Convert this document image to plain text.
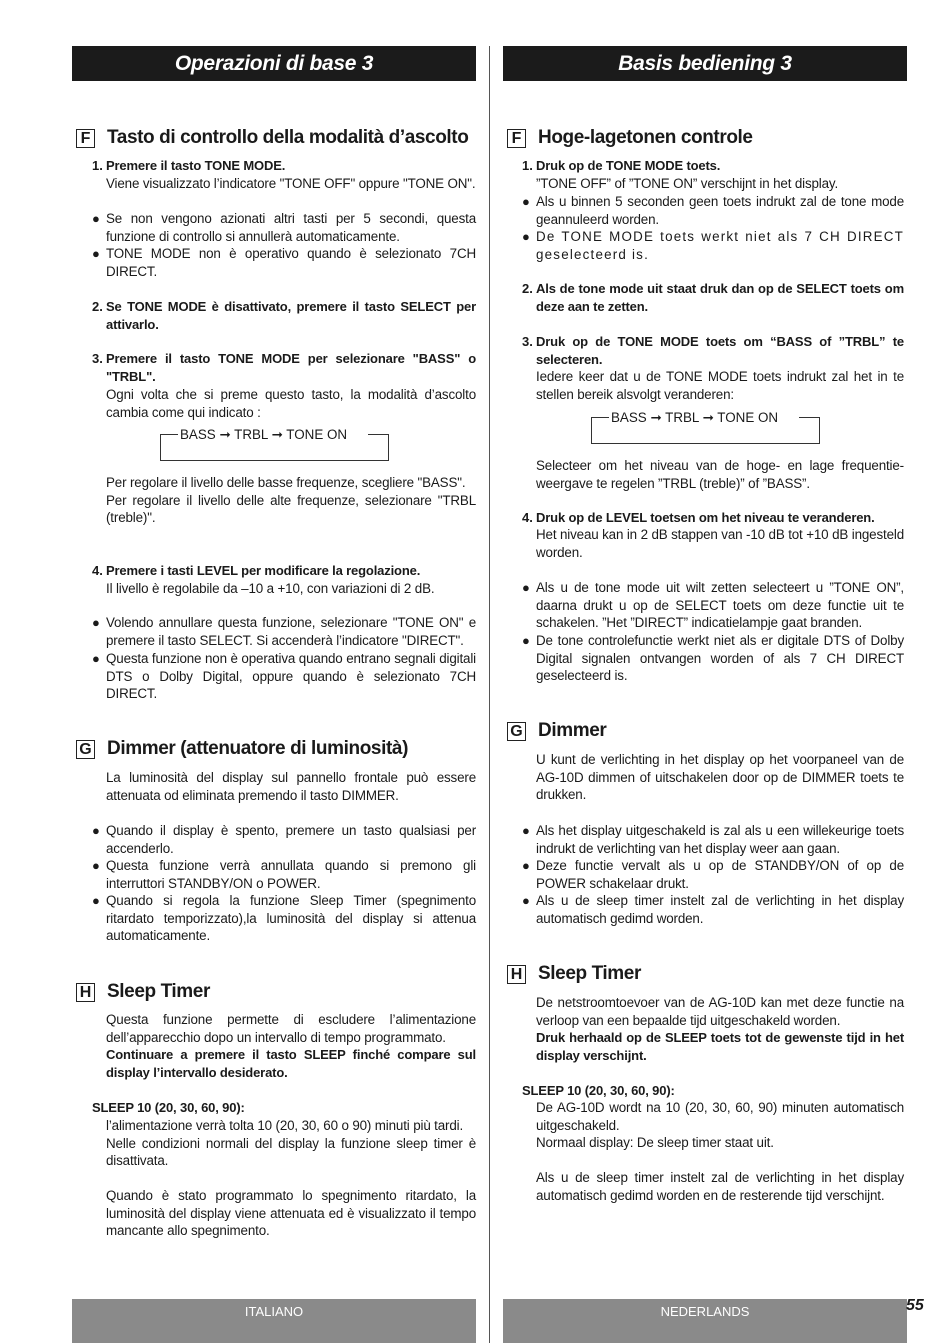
Operazioni di base 3
F Tasto di controllo della modalità d’ascolto
1. Premere il tasto TONE MODE.
Viene visualizzato l’indicatore "TONE OFF" oppure "TONE ON".
● Se non vengono azionati altri tasti per 5 secondi, questa funzione di controllo si annullerà automaticamente.
● TONE MODE non è operativo quando è selezionato 7CH DIRECT.
2. Se TONE MODE è disattivato, premere il tasto SELECT per attivarlo.
3. Premere il tasto TONE MODE per selezionare "BASS" o "TRBL".
Ogni volta che si preme questo tasto, la modalità d’ascolto cambia come qui indicato :
BASS ➞ TRBL ➞ TONE ON
Per regolare il livello delle basse frequenze, scegliere "BASS".
Per regolare il livello delle alte frequenze, selezionare "TRBL (treble)".
4. Premere i tasti LEVEL per modificare la regolazione.
Il livello è regolabile da –10 a +10, con variazioni di 2 dB.
● Volendo annullare questa funzione, selezionare "TONE ON" e premere il tasto SELECT. Si accenderà l’indicatore "DIRECT".
● Questa funzione non è operativa quando entrano segnali digitali DTS o Dolby Digital, oppure quando è selezionato 7CH DIRECT.
G Dimmer (attenuatore di luminosità)
La luminosità del display sul pannello frontale può essere attenuata od eliminata premendo il tasto DIMMER.
● Quando il display è spento, premere un tasto qualsiasi per accenderlo.
● Questa funzione verrà annullata quando si premono gli interruttori STANDBY/ON o POWER.
● Quando si regola la funzione Sleep Timer (spegnimento ritardato temporizzato),la luminosità del display si attenua automaticamente.
H Sleep Timer
Questa funzione permette di escludere l’alimentazione dell’apparecchio dopo un intervallo di tempo programmato.
Continuare a premere il tasto SLEEP finché compare sul display l’intervallo desiderato.
SLEEP 10 (20, 30, 60, 90):
l’alimentazione verrà tolta 10 (20, 30, 60 o 90) minuti più tardi.
Nelle condizioni normali del display la funzione sleep timer è disattivata.
Quando è stato programmato lo spegnimento ritardato, la luminosità del display viene attenuata ed è visualizzato il tempo mancante allo spegnimento.
ITALIANO
Basis bediening 3
F Hoge-lagetonen controle
1. Druk op de TONE MODE toets.
”TONE OFF” of ”TONE ON” verschijnt in het display.
● Als u binnen 5 seconden geen toets indrukt zal de tone mode geannuleerd worden.
● De TONE MODE toets werkt niet als 7 CH DIRECT geselecteerd is.
2. Als de tone mode uit staat druk dan op de SELECT toets om deze aan te zetten.
3. Druk op de TONE MODE toets om “BASS of ”TRBL” te selecteren.
Iedere keer dat u de TONE MODE toets indrukt zal het in te stellen bereik alsvolgt veranderen:
BASS ➞ TRBL ➞ TONE ON
Selecteer om het niveau van de hoge- en lage frequentie-weergave te regelen ”TRBL (treble)” of ”BASS”.
4. Druk op de LEVEL toetsen om het niveau te veranderen.
Het niveau kan in 2 dB stappen van -10 dB tot +10 dB ingesteld worden.
● Als u de tone mode uit wilt zetten selecteert u ”TONE ON”, daarna drukt u op de SELECT toets om deze functie uit te schakelen. ”Het ”DIRECT” indicatielampje gaat branden.
● De tone controlefunctie werkt niet als er digitale DTS of Dolby Digital signalen ontvangen worden of als 7 CH DIRECT geselecteerd is.
G Dimmer
U kunt de verlichting in het display op het voorpaneel van de AG-10D dimmen of uitschakelen door op de DIMMER toets te drukken.
● Als het display uitgeschakeld is zal als u een willekeurige toets indrukt de verlichting van het display weer aan gaan.
● Deze functie vervalt als u op de STANDBY/ON of op de POWER schakelaar drukt.
● Als u de sleep timer instelt zal de verlichting in het display automatisch gedimd worden.
H Sleep Timer
De netstroomtoevoer van de AG-10D kan met deze functie na verloop van een bepaalde tijd uitgeschakeld worden.
Druk herhaald op de SLEEP toets tot de gewenste tijd in het display verschijnt.
SLEEP 10 (20, 30, 60, 90):
De AG-10D wordt na 10 (20, 30, 60, 90) minuten automatisch uitgeschakeld.
Normaal display: De sleep timer staat uit.
Als u de sleep timer instelt zal de verlichting in het display automatisch gedimd worden en de resterende tijd verschijnt.
NEDERLANDS	55
